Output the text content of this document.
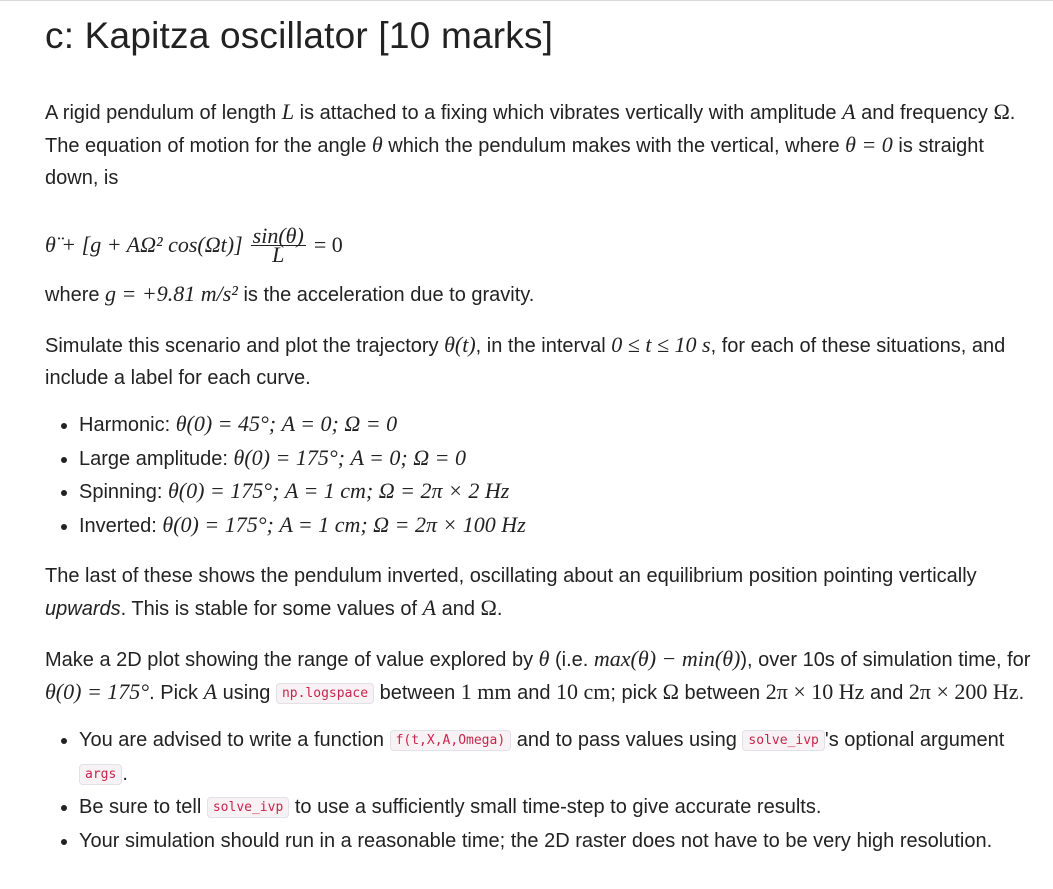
c: Kapitza oscillator [10 marks]

A rigid pendulum of length L is attached to a fixing which vibrates vertically with amplitude A and frequency Ω. The equation of motion for the angle θ which the pendulum makes with the vertical, where θ = 0 is straight down, is

θ̈ + [g + AΩ² $\cos(\Omega t)] \frac{\sin(\theta)}{L} = 0$

where g = +9.81 m/s² is the acceleration due to gravity.

Simulate this scenario and plot the trajectory θ(t), in the interval 0 ≤ t ≤ 10 s, for each of these situations, and include a label for each curve.

• Harmonic: θ(0) = 45°; A = 0; Ω = 0
• Large amplitude: θ(0) = 175°; A = 0; Ω = 0
• Spinning: θ(0) = 175°; A = 1 cm; Ω = 2π × 2 Hz
• Inverted: θ(0) = 175°; A = 1 cm; Ω = 2π × 100 Hz

The last of these shows the pendulum inverted, oscillating about an equilibrium position pointing vertically upwards. This is stable for some values of A and Ω.

Make a 2D plot showing the range of value explored by θ (i.e. max(θ) − min(θ)), over 10s of simulation time, for θ(0) = 175°. Pick A using np.logspace between 1 mm and 10 cm; pick Ω between 2π × 10 Hz and 2π × 200 Hz.

• You are advised to write a function f(t,X,A,Omega) and to pass values using solve_ivp 's optional argument args .
• Be sure to tell solve_ivp to use a sufficiently small time-step to give accurate results.
• Your simulation should run in a reasonable time; the 2D raster does not have to be very high resolution.
